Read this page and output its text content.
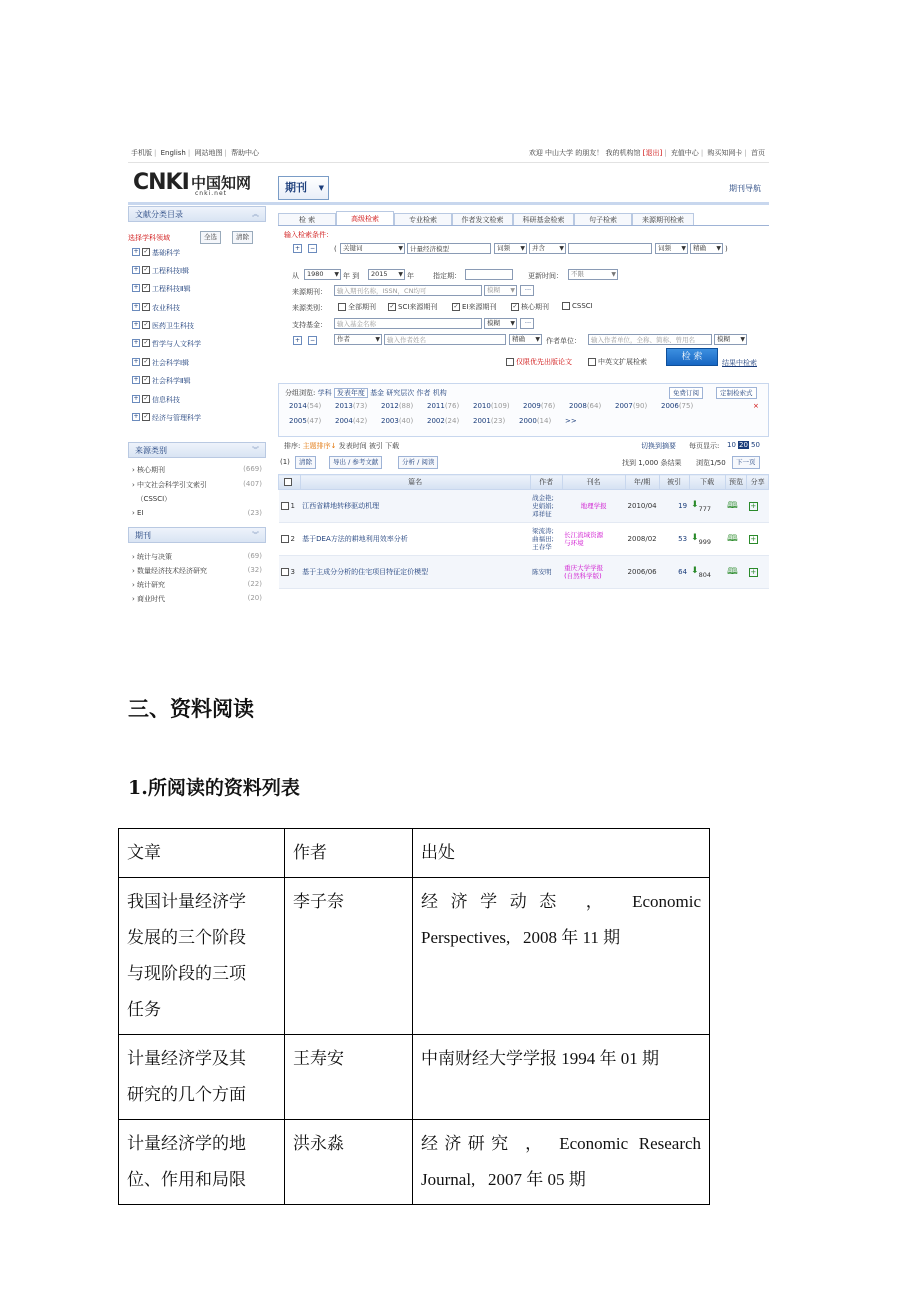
手机版 | English | 网站地图 | 帮助中心	欢迎 中山大学 的朋友！ 我的机构馆 [退出] | 充值中心 | 购买知网卡 | 首页
CNKI 中国知网
cnki.net	期刊	▼	期刊导航
文献分类目录	︽
选择学科领域	全选	清除
+ ✓ 基础科学
+ ✓ 工程科技Ⅰ辑
+ ✓ 工程科技Ⅱ辑
+ ✓ 农业科技
+ ✓ 医药卫生科技
+ ✓ 哲学与人文科学
+ ✓ 社会科学Ⅰ辑
+ ✓ 社会科学Ⅱ辑
+ ✓ 信息科技
+ ✓ 经济与管理科学
来源类别	︾
› 核心期刊	(669)
› 中文社会科学引文索引	(407)
（CSSCI）
› EI	(23)
期刊	︾
› 统计与决策	(69)
› 数量经济技术经济研究	(32)
› 统计研究	(22)
› 商业时代	(20)
检 索	高级检索	专业检索	作者发文检索	科研基金检索	句子检索	来源期刊检索
输入检索条件：
+	−	( 关键词	▼	计量经济模型	词频 ▼	并含 ▼	词频 ▼	精确 ▼ )
从	1980 ▼ 年 到	2015 ▼ 年	指定期：	更新时间：	不限	▼
来源期刊：	输入期刊名称，ISSN，CN均可	模糊 ▼	···
来源类别：	全部期刊 ✓ SCI来源期刊	✓ EI来源期刊	✓ 核心期刊	CSSCI
支持基金：	输入基金名称	模糊 ▼	···
+	−	作者	▼	输入作者姓名	精确 ▼ 作者单位：	输入作者单位，全称、简称、曾用名	模糊 ▼
仅限优先出版论文	中英文扩展检索	检 索
结果中检索
分组浏览: 学科 发表年度 基金 研究层次 作者 机构	免费订阅	定制检索式
2014(54) 2013(73) 2012(88) 2011(76) 2010(109) 2009(76) 2008(64) 2007(90) 2006(75)	×
2005(47) 2004(42) 2003(40) 2002(24) 2001(23) 2000(14) >>
排序: 主题排序↓ 发表时间 被引 下载	切换到摘要 每页显示: 10 20 50
(1)	清除	导出 / 参考文献	分析 / 阅读	找到 1,000 条结果 浏览1/50	下一页
	篇名	作者	刊名	年/期	被引	下载	预览	分享
1	江西省耕地转移驱动机理	战金艳;
史娟娟;
邓祥征	地理学报	2010/04	19	⬇777	🕮	+
2	基于DEA方法的耕地利用效率分析	梁流涛;
曲福田;
王春华	长江流域资源
与环境	2008/02	53	⬇999	🕮	+
3	基于主成分分析的住宅项目特征定价模型	陈安明	重庆大学学报
(自然科学版)	2006/06	64	⬇804	🕮	+
三、资料阅读
1.所阅读的资料列表
文章	作者	出处
我国计量经济学
发展的三个阶段
与现阶段的三项
任务	李子奈	经济学动态 ， Economic
Perspectives,   2008 年 11 期
计量经济学及其
研究的几个方面	王寿安	中南财经大学学报 1994 年 01 期
计量经济学的地
位、作用和局限	洪永淼	经济研究 ， Economic Research
Journal,   2007 年 05 期
